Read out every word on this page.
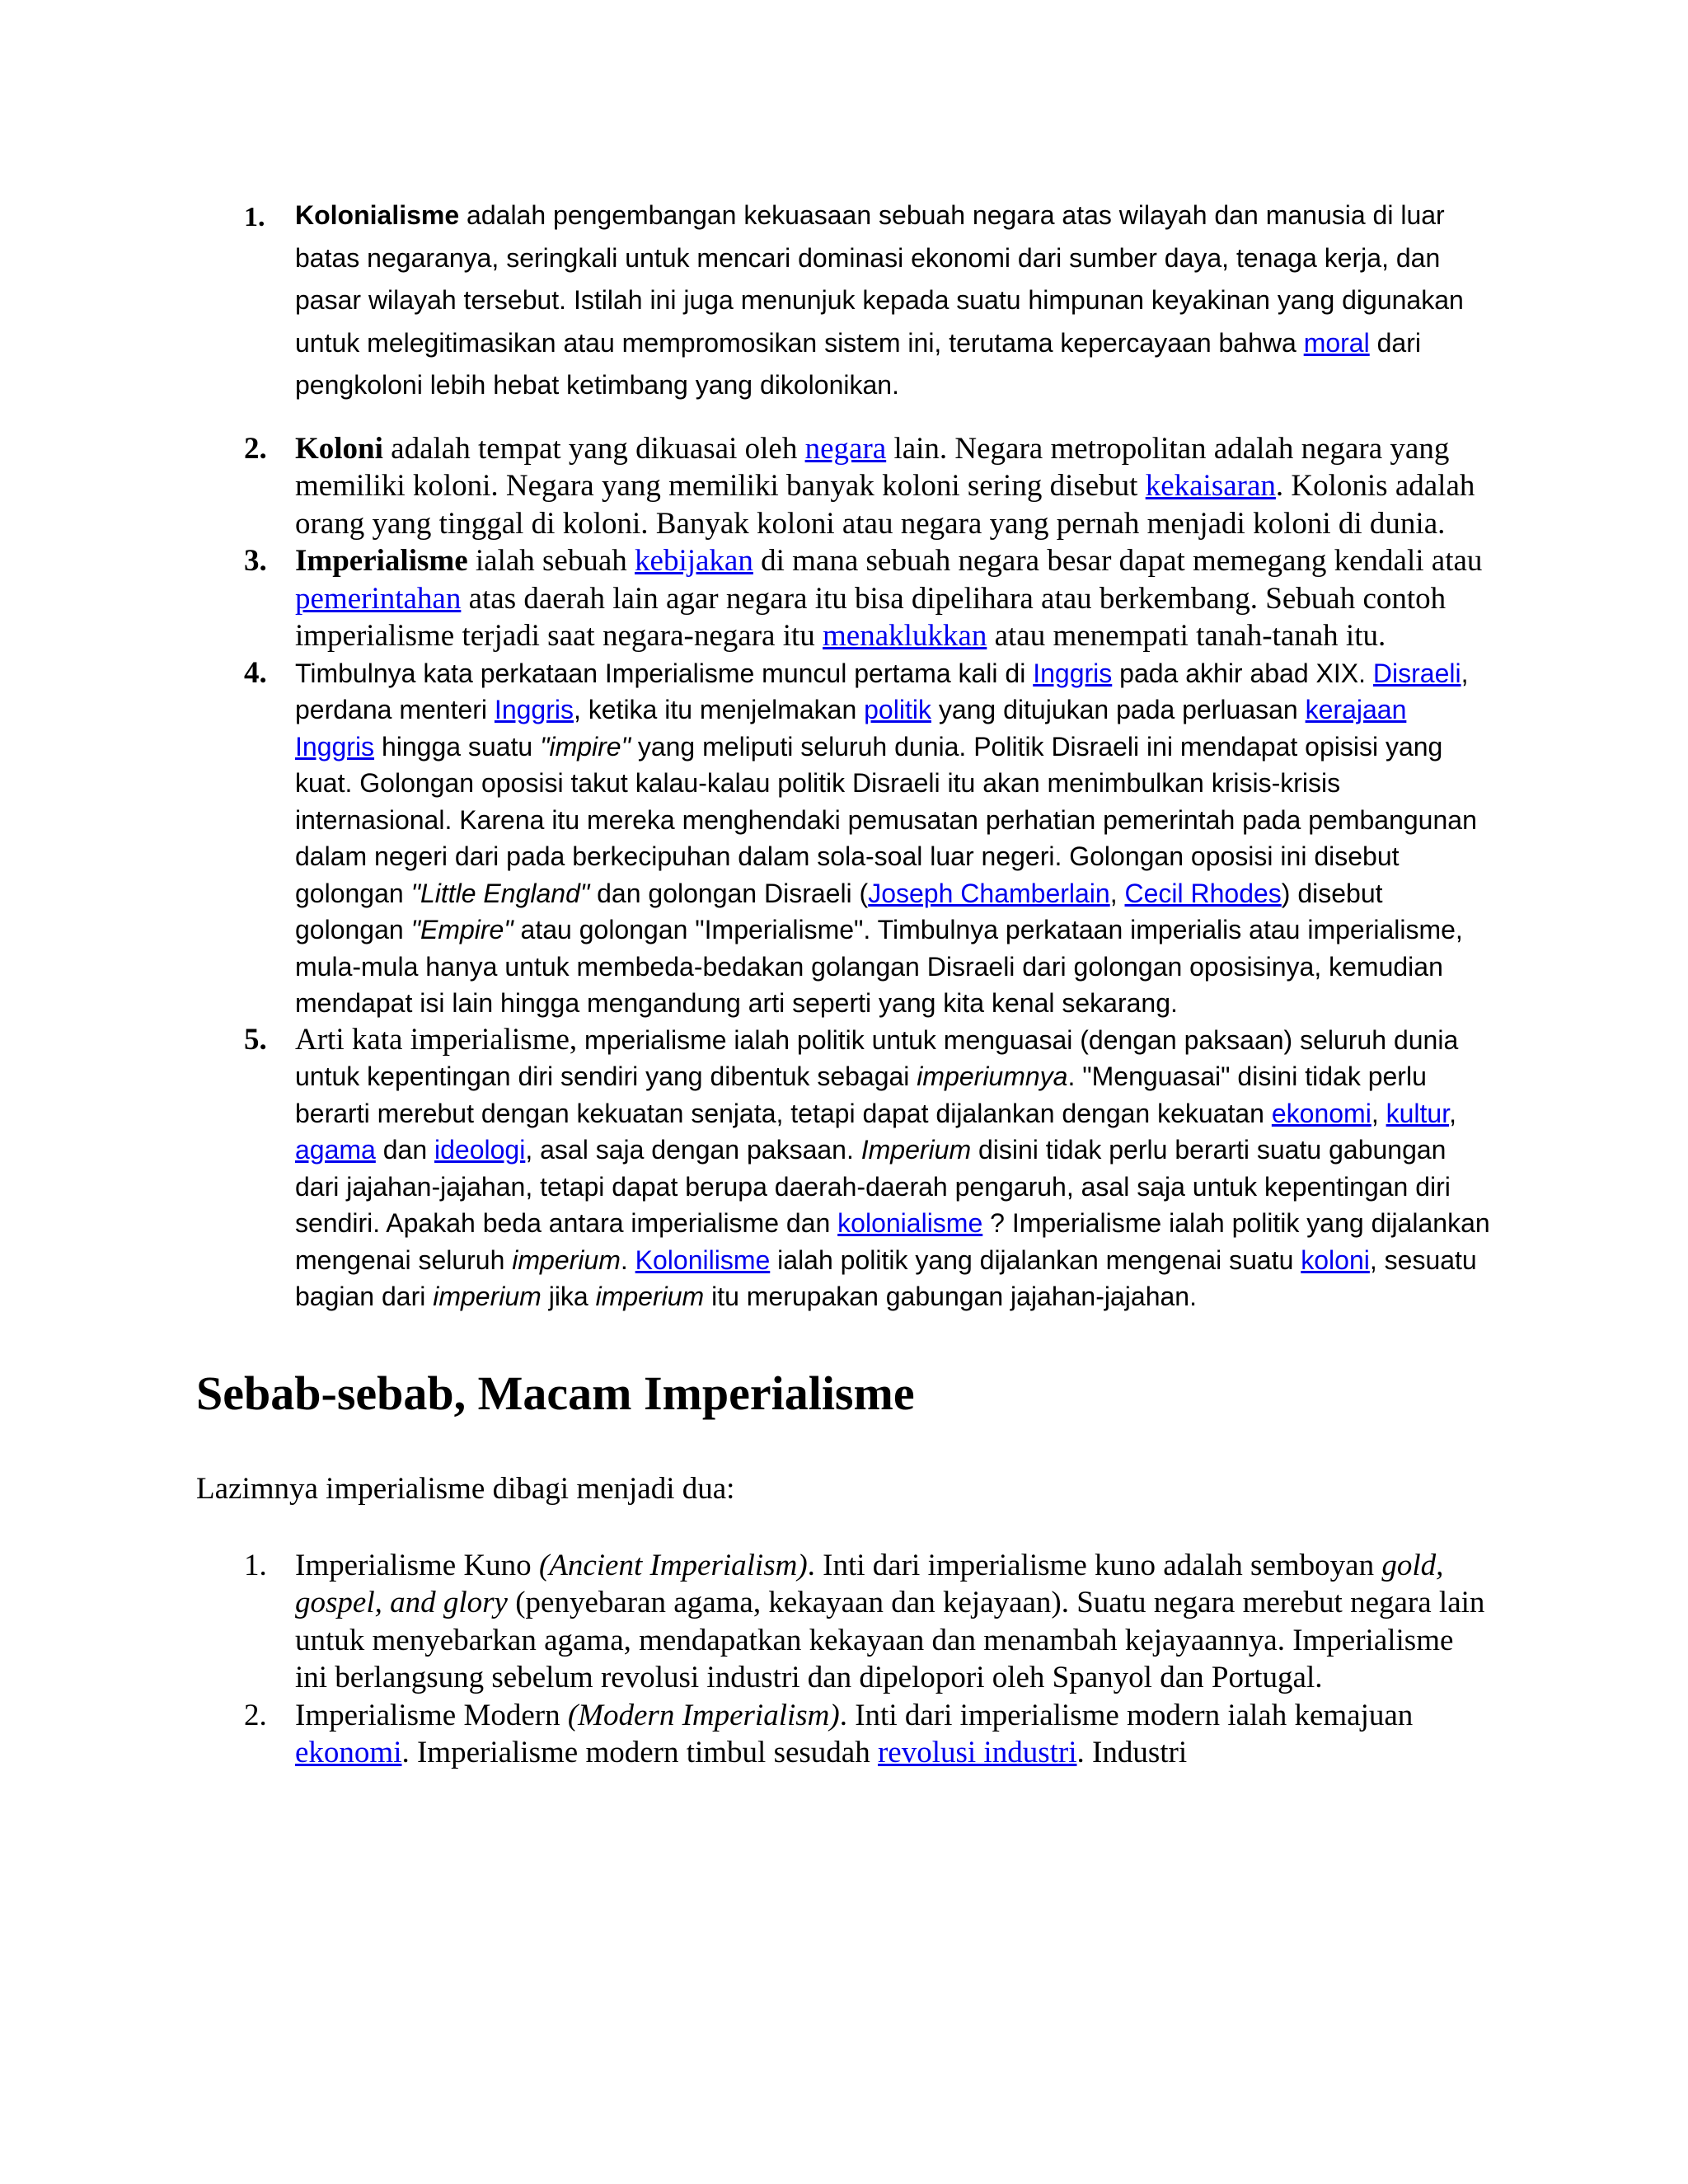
1. Kolonialisme adalah pengembangan kekuasaan sebuah negara atas wilayah dan manusia di luar batas negaranya, seringkali untuk mencari dominasi ekonomi dari sumber daya, tenaga kerja, dan pasar wilayah tersebut. Istilah ini juga menunjuk kepada suatu himpunan keyakinan yang digunakan untuk melegitimasikan atau mempromosikan sistem ini, terutama kepercayaan bahwa moral dari pengkoloni lebih hebat ketimbang yang dikolonikan.
2. Koloni adalah tempat yang dikuasai oleh negara lain. Negara metropolitan adalah negara yang memiliki koloni. Negara yang memiliki banyak koloni sering disebut kekaisaran. Kolonis adalah orang yang tinggal di koloni. Banyak koloni atau negara yang pernah menjadi koloni di dunia.
3. Imperialisme ialah sebuah kebijakan di mana sebuah negara besar dapat memegang kendali atau pemerintahan atas daerah lain agar negara itu bisa dipelihara atau berkembang. Sebuah contoh imperialisme terjadi saat negara-negara itu menaklukkan atau menempati tanah-tanah itu.
4. Timbulnya kata perkataan Imperialisme muncul pertama kali di Inggris pada akhir abad XIX. Disraeli, perdana menteri Inggris, ketika itu menjelmakan politik yang ditujukan pada perluasan kerajaan Inggris hingga suatu "impire" yang meliputi seluruh dunia. Politik Disraeli ini mendapat opisisi yang kuat. Golongan oposisi takut kalau-kalau politik Disraeli itu akan menimbulkan krisis-krisis internasional. Karena itu mereka menghendaki pemusatan perhatian pemerintah pada pembangunan dalam negeri dari pada berkecipuhan dalam sola-soal luar negeri. Golongan oposisi ini disebut golongan "Little England" dan golongan Disraeli (Joseph Chamberlain, Cecil Rhodes) disebut golongan "Empire" atau golongan "Imperialisme". Timbulnya perkataan imperialis atau imperialisme, mula-mula hanya untuk membeda-bedakan golangan Disraeli dari golongan oposisinya, kemudian mendapat isi lain hingga mengandung arti seperti yang kita kenal sekarang.
5. Arti kata imperialisme, mperialisme ialah politik untuk menguasai (dengan paksaan) seluruh dunia untuk kepentingan diri sendiri yang dibentuk sebagai imperiumnya. "Menguasai" disini tidak perlu berarti merebut dengan kekuatan senjata, tetapi dapat dijalankan dengan kekuatan ekonomi, kultur, agama dan ideologi, asal saja dengan paksaan. Imperium disini tidak perlu berarti suatu gabungan dari jajahan-jajahan, tetapi dapat berupa daerah-daerah pengaruh, asal saja untuk kepentingan diri sendiri. Apakah beda antara imperialisme dan kolonialisme ? Imperialisme ialah politik yang dijalankan mengenai seluruh imperium. Kolonilisme ialah politik yang dijalankan mengenai suatu koloni, sesuatu bagian dari imperium jika imperium itu merupakan gabungan jajahan-jajahan.
Sebab-sebab, Macam Imperialisme

Lazimnya imperialisme dibagi menjadi dua:

1. Imperialisme Kuno (Ancient Imperialism). Inti dari imperialisme kuno adalah semboyan gold, gospel, and glory (penyebaran agama, kekayaan dan kejayaan). Suatu negara merebut negara lain untuk menyebarkan agama, mendapatkan kekayaan dan menambah kejayaannya. Imperialisme ini berlangsung sebelum revolusi industri dan dipelopori oleh Spanyol dan Portugal.
2. Imperialisme Modern (Modern Imperialism). Inti dari imperialisme modern ialah kemajuan ekonomi. Imperialisme modern timbul sesudah revolusi industri. Industri
